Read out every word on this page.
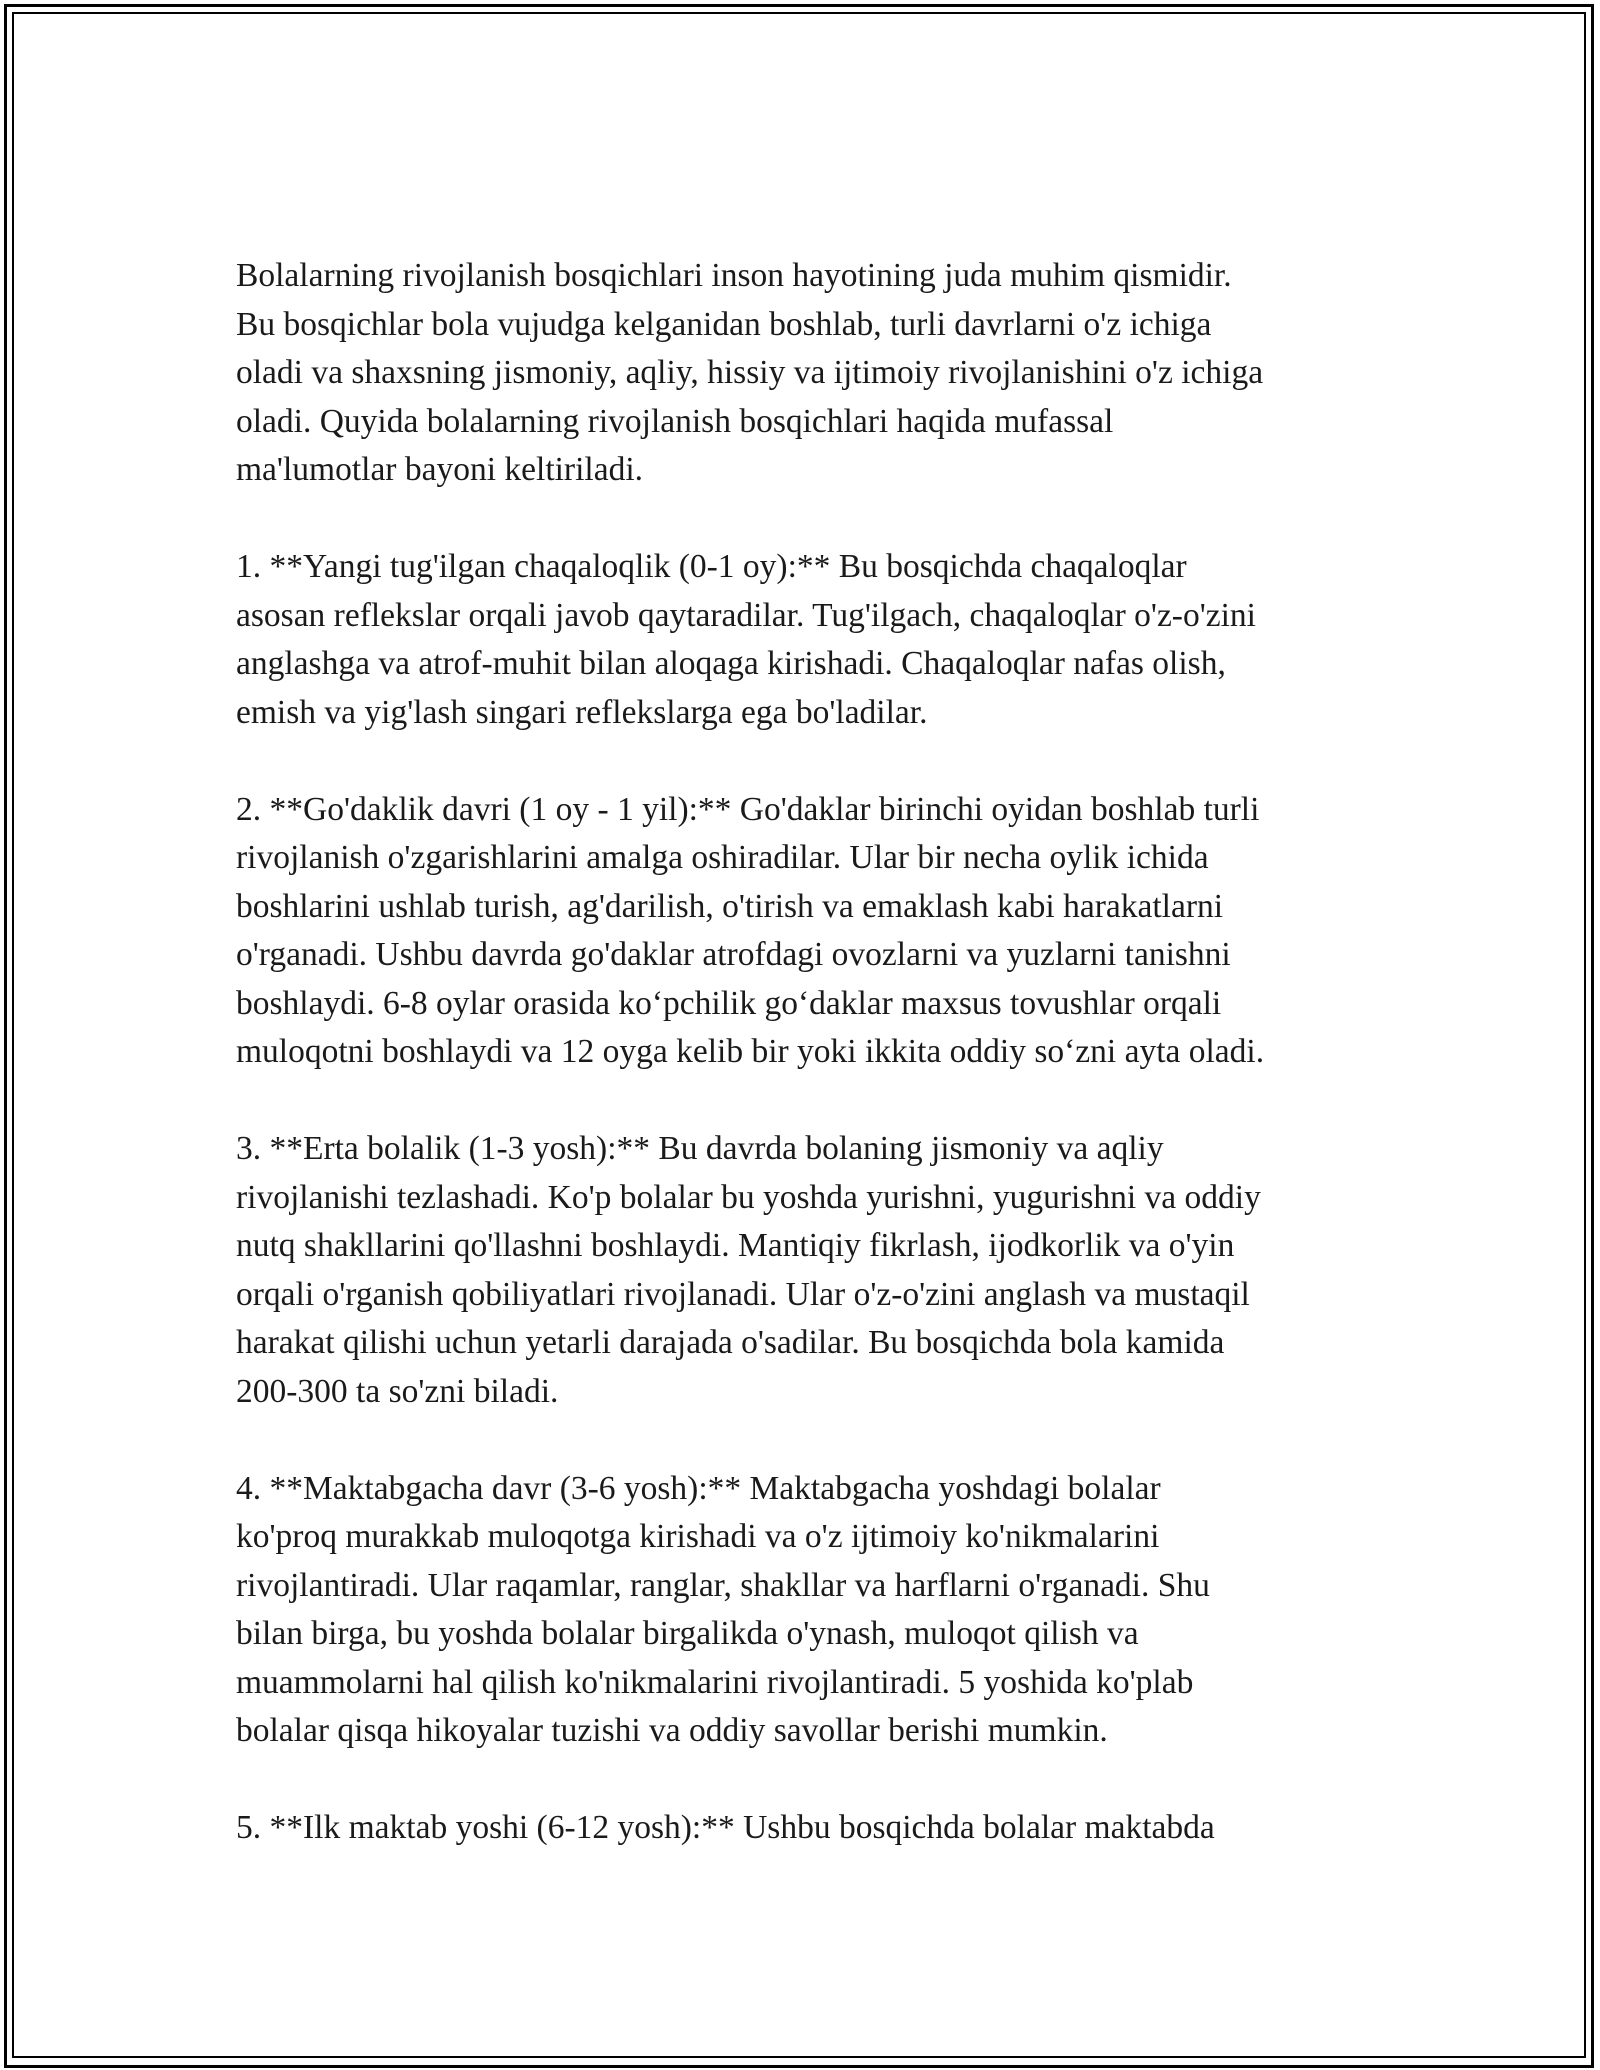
Bolalarning rivojlanish bosqichlari inson hayotining juda muhim qismidir.
Bu bosqichlar bola vujudga kelganidan boshlab, turli davrlarni o'z ichiga
oladi va shaxsning jismoniy, aqliy, hissiy va ijtimoiy rivojlanishini o'z ichiga
oladi. Quyida bolalarning rivojlanish bosqichlari haqida mufassal
ma'lumotlar bayoni keltiriladi.
1. **Yangi tug'ilgan chaqaloqlik (0-1 oy):** Bu bosqichda chaqaloqlar
asosan reflekslar orqali javob qaytaradilar. Tug'ilgach, chaqaloqlar o'z-o'zini
anglashga va atrof-muhit bilan aloqaga kirishadi. Chaqaloqlar nafas olish,
emish va yig'lash singari reflekslarga ega bo'ladilar.
2. **Go'daklik davri (1 oy - 1 yil):** Go'daklar birinchi oyidan boshlab turli
rivojlanish o'zgarishlarini amalga oshiradilar. Ular bir necha oylik ichida
boshlarini ushlab turish, ag'darilish, o'tirish va emaklash kabi harakatlarni
o'rganadi. Ushbu davrda go'daklar atrofdagi ovozlarni va yuzlarni tanishni
boshlaydi. 6-8 oylar orasida ko‘pchilik go‘daklar maxsus tovushlar orqali
muloqotni boshlaydi va 12 oyga kelib bir yoki ikkita oddiy so‘zni ayta oladi.
3. **Erta bolalik (1-3 yosh):** Bu davrda bolaning jismoniy va aqliy
rivojlanishi tezlashadi. Ko'p bolalar bu yoshda yurishni, yugurishni va oddiy
nutq shakllarini qo'llashni boshlaydi. Mantiqiy fikrlash, ijodkorlik va o'yin
orqali o'rganish qobiliyatlari rivojlanadi. Ular o'z-o'zini anglash va mustaqil
harakat qilishi uchun yetarli darajada o'sadilar. Bu bosqichda bola kamida
200-300 ta so'zni biladi.
4. **Maktabgacha davr (3-6 yosh):** Maktabgacha yoshdagi bolalar
ko'proq murakkab muloqotga kirishadi va o'z ijtimoiy ko'nikmalarini
rivojlantiradi. Ular raqamlar, ranglar, shakllar va harflarni o'rganadi. Shu
bilan birga, bu yoshda bolalar birgalikda o'ynash, muloqot qilish va
muammolarni hal qilish ko'nikmalarini rivojlantiradi. 5 yoshida ko'plab
bolalar qisqa hikoyalar tuzishi va oddiy savollar berishi mumkin.
5. **Ilk maktab yoshi (6-12 yosh):** Ushbu bosqichda bolalar maktabda
